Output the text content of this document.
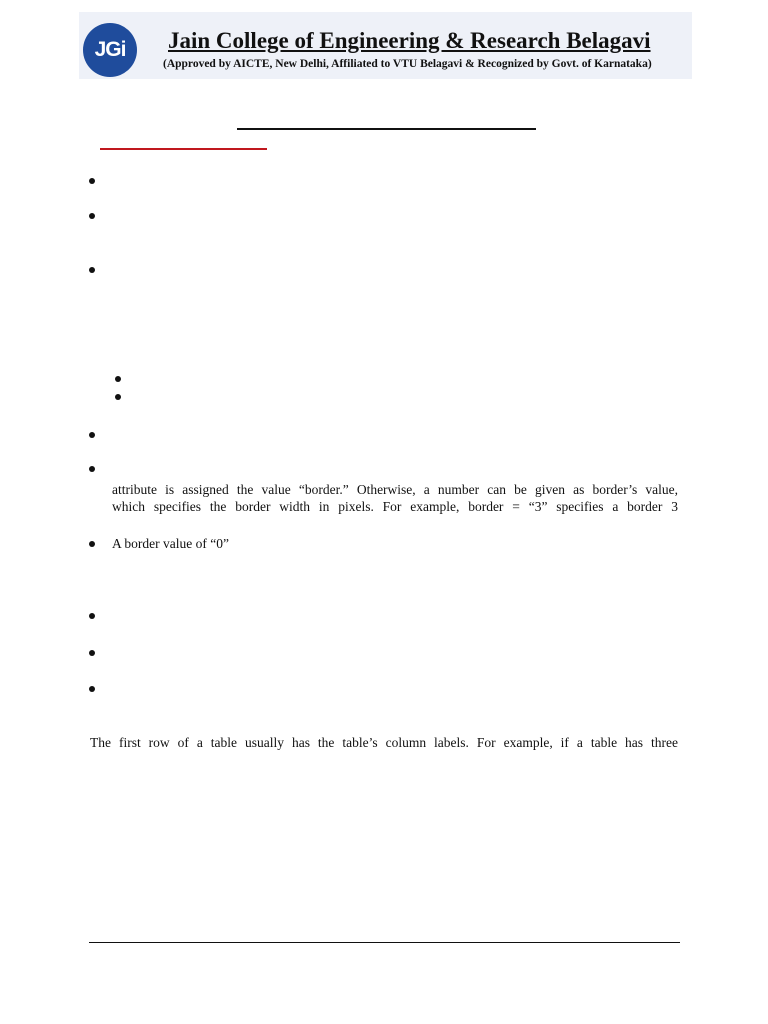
JGi Jain College of Engineering & Research Belagavi
(Approved by AICTE, New Delhi, Affiliated to VTU Belagavi & Recognized by Govt. of Karnataka)
attribute is assigned the value “border.” Otherwise, a number can be given as border’s value,
which specifies the border width in pixels. For example, border = “3” specifies a border 3
A border value of “0”
The first row of a table usually has the table’s column labels. For example, if a table has three
